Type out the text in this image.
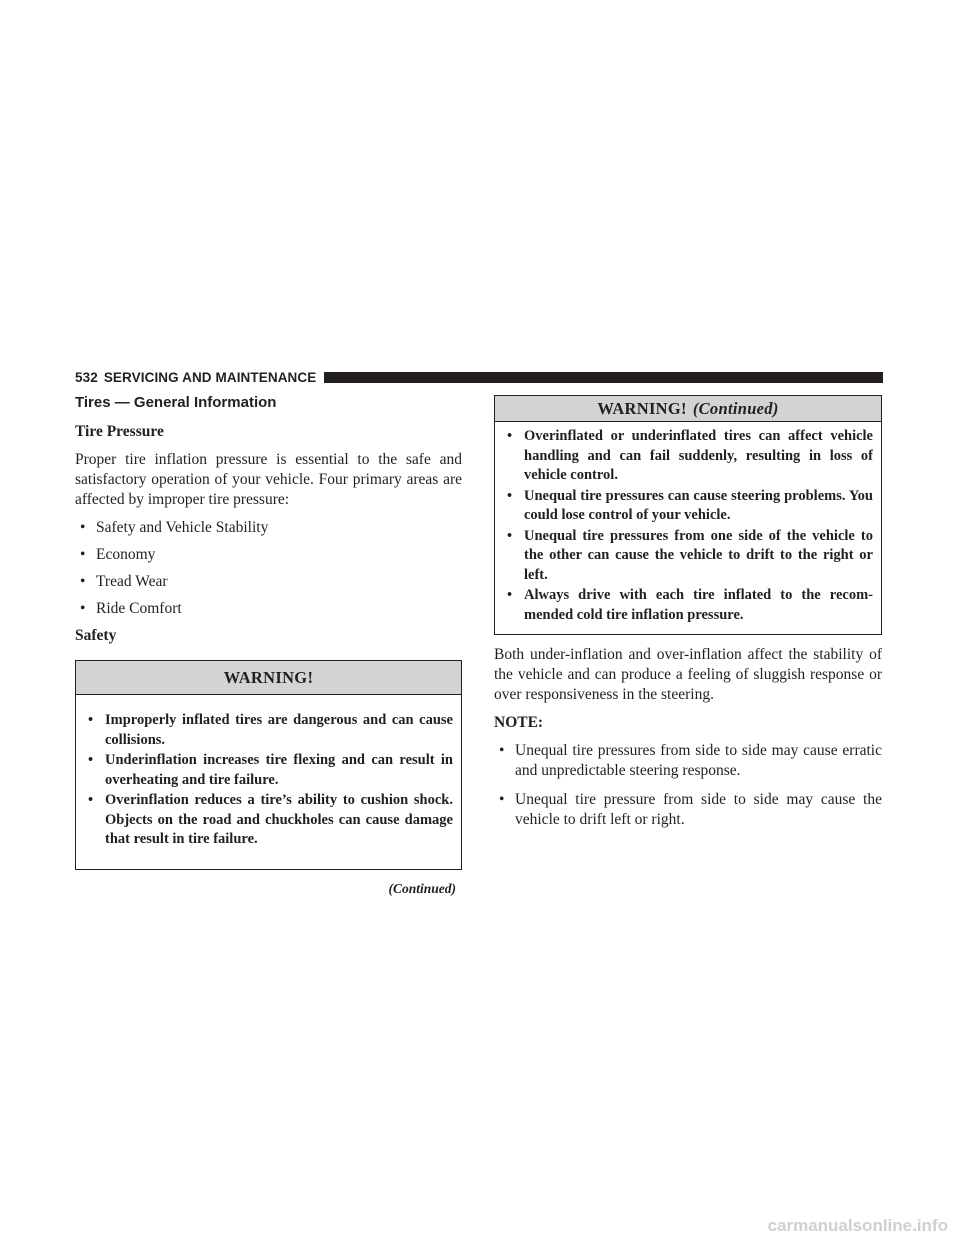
532 SERVICING AND MAINTENANCE
Tires — General Information
Tire Pressure

Proper tire inflation pressure is essential to the safe and satisfactory operation of your vehicle. Four primary areas are affected by improper tire pressure:

• Safety and Vehicle Stability
• Economy
• Tread Wear
• Ride Comfort
Safety
WARNING!
• Improperly inflated tires are dangerous and can cause collisions.
• Underinflation increases tire flexing and can result in overheating and tire failure.
• Overinflation reduces a tire’s ability to cushion shock. Objects on the road and chuckholes can cause damage that result in tire failure.
(Continued)
WARNING! (Continued)
• Overinflated or underinflated tires can affect vehicle handling and can fail suddenly, resulting in loss of vehicle control.
• Unequal tire pressures can cause steering problems. You could lose control of your vehicle.
• Unequal tire pressures from one side of the vehicle to the other can cause the vehicle to drift to the right or left.
• Always drive with each tire inflated to the recom-mended cold tire inflation pressure.

Both under-inflation and over-inflation affect the stability of the vehicle and can produce a feeling of sluggish response or over responsiveness in the steering.

NOTE:
• Unequal tire pressures from side to side may cause erratic and unpredictable steering response.
• Unequal tire pressure from side to side may cause the vehicle to drift left or right.
carmanualsonline.info
